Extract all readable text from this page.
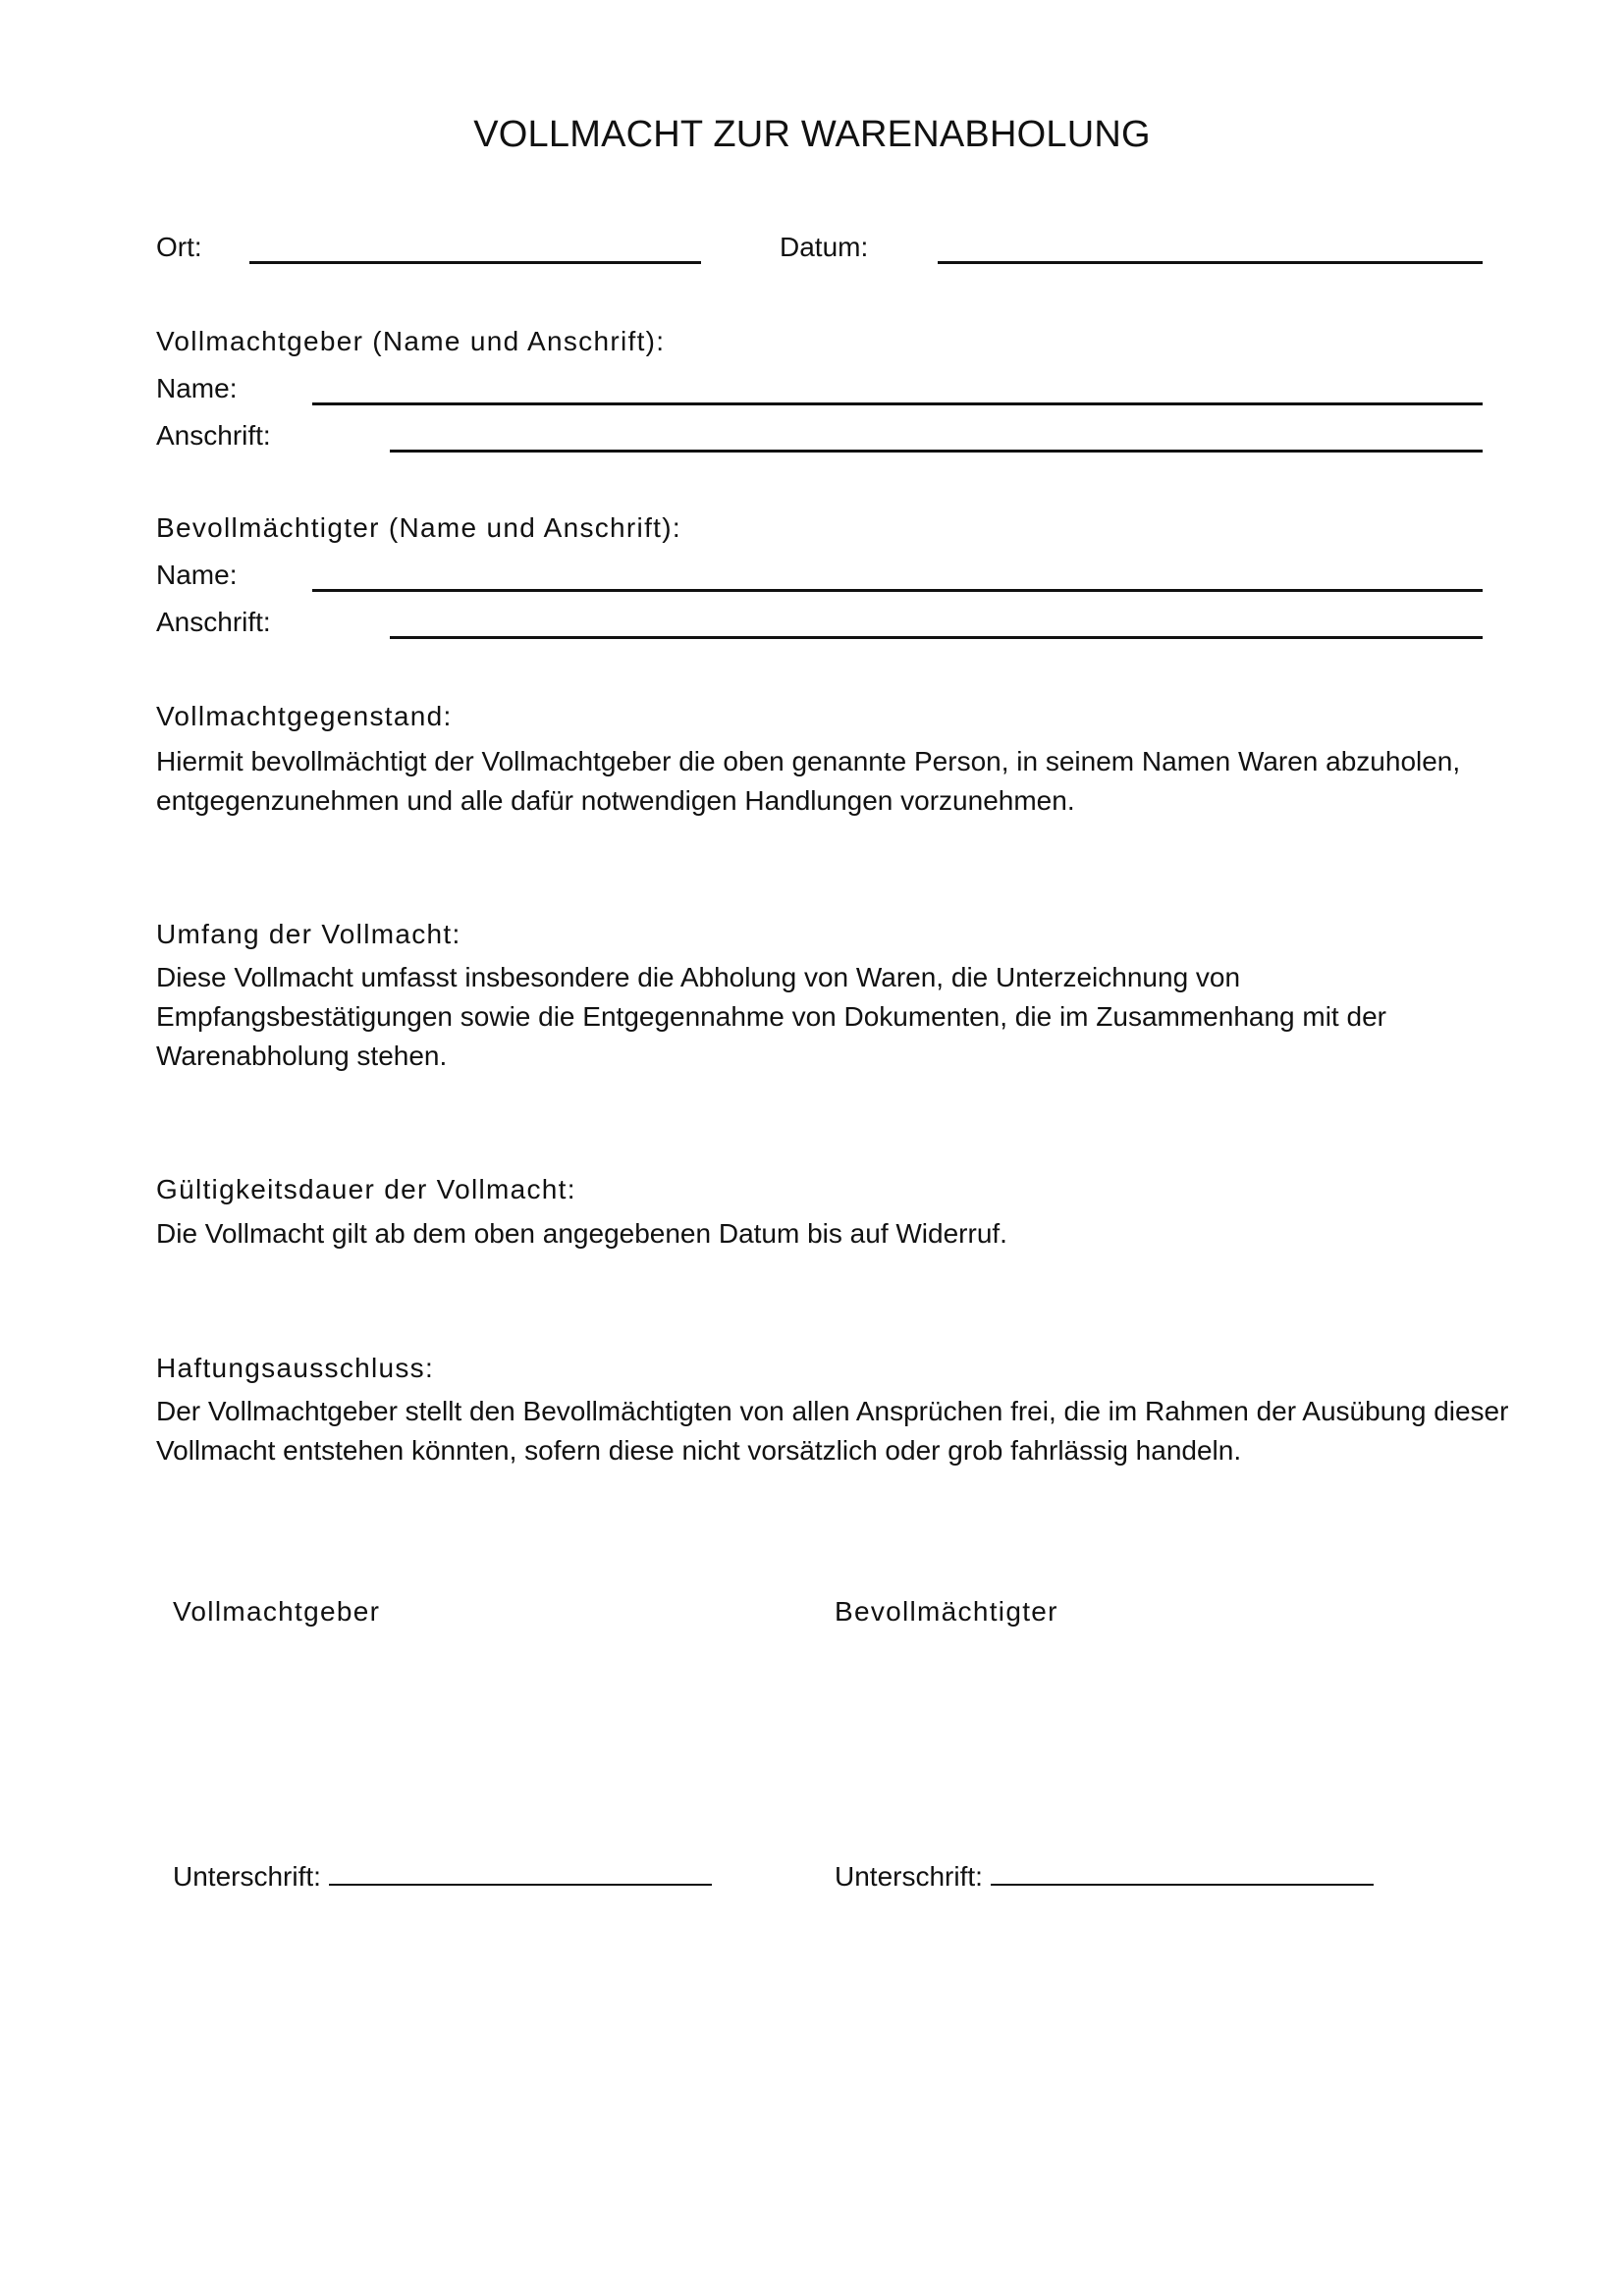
VOLLMACHT ZUR WARENABHOLUNG
Ort:	Datum:
Vollmachtgeber (Name und Anschrift):
Name:
Anschrift:
Bevollmächtigter (Name und Anschrift):
Name:
Anschrift:
Vollmachtgegenstand:
Hiermit bevollmächtigt der Vollmachtgeber die oben genannte Person, in seinem Namen Waren abzuholen, entgegenzunehmen und alle dafür notwendigen Handlungen vorzunehmen.
Umfang der Vollmacht:
Diese Vollmacht umfasst insbesondere die Abholung von Waren, die Unterzeichnung von Empfangsbestätigungen sowie die Entgegennahme von Dokumenten, die im Zusammenhang mit der Warenabholung stehen.
Gültigkeitsdauer der Vollmacht:
Die Vollmacht gilt ab dem oben angegebenen Datum bis auf Widerruf.
Haftungsausschluss:
Der Vollmachtgeber stellt den Bevollmächtigten von allen Ansprüchen frei, die im Rahmen der Ausübung dieser Vollmacht entstehen könnten, sofern diese nicht vorsätzlich oder grob fahrlässig handeln.
Vollmachtgeber	Bevollmächtigter
Unterschrift:	Unterschrift:
